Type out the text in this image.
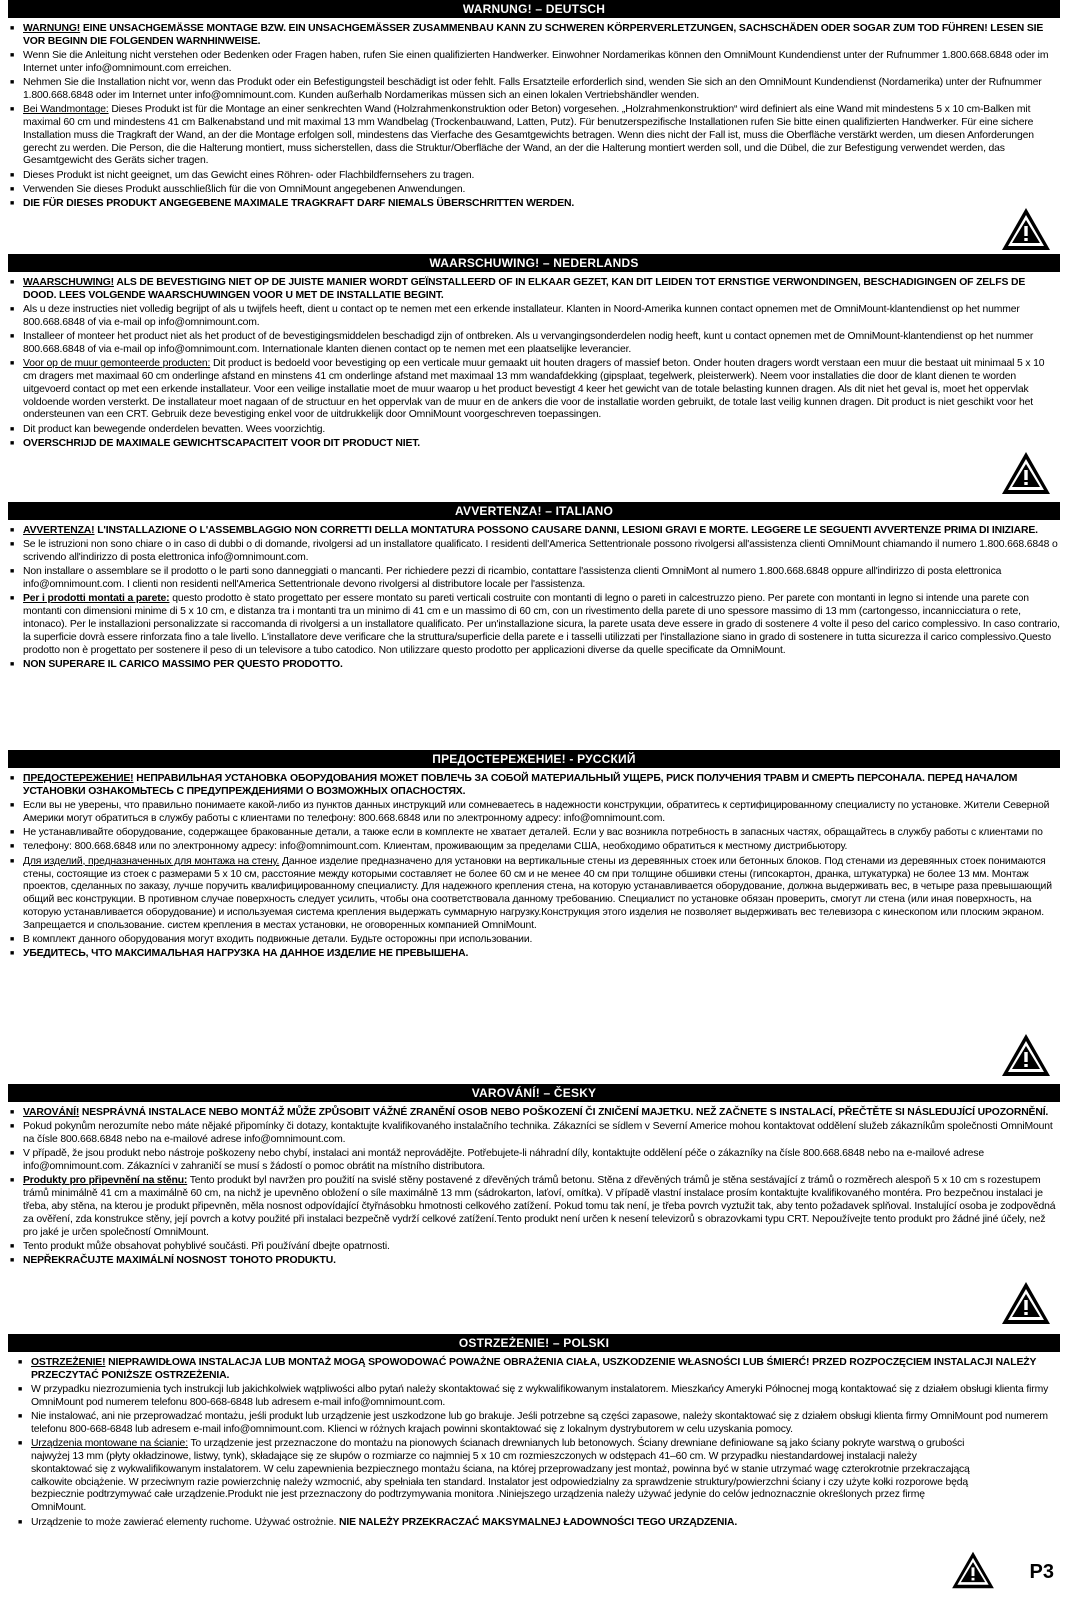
WARNUNG! – DEUTSCH
■ WARNUNG! EINE UNSACHGEMÄSSE MONTAGE BZW. EIN UNSACHGEMÄSSER ZUSAMMENBAU KANN ZU SCHWEREN KÖRPERVERLETZUNGEN, SACHSCHÄDEN ODER SOGAR ZUM TOD FÜHREN! LESEN SIE VOR BEGINN DIE FOLGENDEN WARNHINWEISE.
■ Wenn Sie die Anleitung nicht verstehen oder Bedenken oder Fragen haben, rufen Sie einen qualifizierten Handwerker. Einwohner Nordamerikas können den OmniMount Kundendienst unter der Rufnummer 1.800.668.6848 oder im Internet unter info@omnimount.com erreichen.
■ Nehmen Sie die Installation nicht vor, wenn das Produkt oder ein Befestigungsteil beschädigt ist oder fehlt. Falls Ersatzteile erforderlich sind, wenden Sie sich an den OmniMount Kundendienst (Nordamerika) unter der Rufnummer 1.800.668.6848 oder im Internet unter info@omnimount.com. Kunden außerhalb Nordamerikas müssen sich an einen lokalen Vertriebshändler wenden.
■ Bei Wandmontage: Dieses Produkt ist für die Montage an einer senkrechten Wand (Holzrahmenkonstruktion oder Beton) vorgesehen. „Holzrahmenkonstruktion“ wird definiert als eine Wand mit mindestens 5 x 10 cm-Balken mit maximal 60 cm und mindestens 41 cm Balkenabstand und mit maximal 13 mm Wandbelag (Trockenbauwand, Latten, Putz). Für benutzerspezifische Installationen rufen Sie bitte einen qualifizierten Handwerker. Für eine sichere Installation muss die Tragkraft der Wand, an der die Montage erfolgen soll, mindestens das Vierfache des Gesamtgewichts betragen. Wenn dies nicht der Fall ist, muss die Oberfläche verstärkt werden, um diesen Anforderungen gerecht zu werden. Die Person, die die Halterung montiert, muss sicherstellen, dass die Struktur/Oberfläche der Wand, an der die Halterung montiert werden soll, und die Dübel, die zur Befestigung verwendet werden, das Gesamtgewicht des Geräts sicher tragen.
■ Dieses Produkt ist nicht geeignet, um das Gewicht eines Röhren- oder Flachbildfernsehers zu tragen.
■ Verwenden Sie dieses Produkt ausschließlich für die von OmniMount angegebenen Anwendungen.
■ DIE FÜR DIESES PRODUKT ANGEGEBENE MAXIMALE TRAGKRAFT DARF NIEMALS ÜBERSCHRITTEN WERDEN.
WAARSCHUWING! – NEDERLANDS
■ WAARSCHUWING! ALS DE BEVESTIGING NIET OP DE JUISTE MANIER WORDT GEÏNSTALLEERD OF IN ELKAAR GEZET, KAN DIT LEIDEN TOT ERNSTIGE VERWONDINGEN, BESCHADIGINGEN OF ZELFS DE DOOD. LEES VOLGENDE WAARSCHUWINGEN VOOR U MET DE INSTALLATIE BEGINT.
■ Als u deze instructies niet volledig begrijpt of als u twijfels heeft, dient u contact op te nemen met een erkende installateur. Klanten in Noord-Amerika kunnen contact opnemen met de OmniMount-klantendienst op het nummer 800.668.6848 of via e-mail op info@omnimount.com.
■ Installeer of monteer het product niet als het product of de bevestigingsmiddelen beschadigd zijn of ontbreken. Als u vervangingsonderdelen nodig heeft, kunt u contact opnemen met de OmniMount-klantendienst op het nummer 800.668.6848 of via e-mail op info@omnimount.com. Internationale klanten dienen contact op te nemen met een plaatselijke leverancier.
■ Voor op de muur gemonteerde producten: Dit product is bedoeld voor bevestiging op een verticale muur gemaakt uit houten dragers of massief beton. Onder houten dragers wordt verstaan een muur die bestaat uit minimaal 5 x 10 cm dragers met maximaal 60 cm onderlinge afstand en minstens 41 cm onderlinge afstand met maximaal 13 mm wandafdekking (gipsplaat, tegelwerk, pleisterwerk). Neem voor installaties die door de klant dienen te worden uitgevoerd contact op met een erkende installateur. Voor een veilige installatie moet de muur waarop u het product bevestigt 4 keer het gewicht van de totale belasting kunnen dragen. Als dit niet het geval is, moet het oppervlak voldoende worden versterkt. De installateur moet nagaan of de structuur en het oppervlak van de muur en de ankers die voor de installatie worden gebruikt, de totale last veilig kunnen dragen. Dit product is niet geschikt voor het ondersteunen van een CRT. Gebruik deze bevestiging enkel voor de uitdrukkelijk door OmniMount voorgeschreven toepassingen.
■ Dit product kan bewegende onderdelen bevatten. Wees voorzichtig.
■ OVERSCHRIJD DE MAXIMALE GEWICHTSCAPACITEIT VOOR DIT PRODUCT NIET.
AVVERTENZA! – ITALIANO
■ AVVERTENZA! L'INSTALLAZIONE O L'ASSEMBLAGGIO NON CORRETTI DELLA MONTATURA POSSONO CAUSARE DANNI, LESIONI GRAVI E MORTE. LEGGERE LE SEGUENTI AVVERTENZE PRIMA DI INIZIARE.
■ Se le istruzioni non sono chiare o in caso di dubbi o di domande, rivolgersi ad un installatore qualificato. I residenti dell'America Settentrionale possono rivolgersi all'assistenza clienti OmniMount chiamando il numero 1.800.668.6848 o scrivendo all'indirizzo di posta elettronica info@omnimount.com.
■ Non installare o assemblare se il prodotto o le parti sono danneggiati o mancanti. Per richiedere pezzi di ricambio, contattare l'assistenza clienti OmniMont al numero 1.800.668.6848 oppure all'indirizzo di posta elettronica info@omnimount.com. I clienti non residenti nell'America Settentrionale devono rivolgersi al distributore locale per l'assistenza.
■ Per i prodotti montati a parete: questo prodotto è stato progettato per essere montato su pareti verticali costruite con montanti di legno o pareti in calcestruzzo pieno. Per parete con montanti in legno si intende una parete con montanti con dimensioni minime di 5 x 10 cm, e distanza tra i montanti tra un minimo di 41 cm e un massimo di 60 cm, con un rivestimento della parete di uno spessore massimo di 13 mm (cartongesso, incannicciatura o rete, intonaco). Per le installazioni personalizzate si raccomanda di rivolgersi a un installatore qualificato. Per un'installazione sicura, la parete usata deve essere in grado di sostenere 4 volte il peso del carico complessivo. In caso contrario, la superficie dovrà essere rinforzata fino a tale livello. L'installatore deve verificare che la struttura/superficie della parete e i tasselli utilizzati per l'installazione siano in grado di sostenere in tutta sicurezza il carico complessivo.Questo prodotto non è progettato per sostenere il peso di un televisore a tubo catodico. Non utilizzare questo prodotto per applicazioni diverse da quelle specificate da OmniMount.
■ NON SUPERARE IL CARICO MASSIMO PER QUESTO PRODOTTO.
ПРЕДОСТЕРЕЖЕНИЕ! - РУССКИЙ
■ ПРЕДОСТЕРЕЖЕНИЕ! НЕПРАВИЛЬНАЯ УСТАНОВКА ОБОРУДОВАНИЯ МОЖЕТ ПОВЛЕЧЬ ЗА СОБОЙ МАТЕРИАЛЬНЫЙ УЩЕРБ, РИСК ПОЛУЧЕНИЯ ТРАВМ И СМЕРТЬ ПЕРСОНАЛА. ПЕРЕД НАЧАЛОМ УСТАНОВКИ ОЗНАКОМЬТЕСЬ С ПРЕДУПРЕЖДЕНИЯМИ О ВОЗМОЖНЫХ ОПАСНОСТЯХ.
■ Если вы не уверены, что правильно понимаете какой-либо из пунктов данных инструкций или сомневаетесь в надежности конструкции, обратитесь к сертифицированному специалисту по установке. Жители Северной Америки могут обратиться в службу работы с клиентами по телефону: 800.668.6848 или по электронному адресу: info@omnimount.com.
■ Не устанавливайте оборудование, содержащее бракованные детали, а также если в комплекте не хватает деталей. Если у вас возникла потребность в запасных частях, обращайтесь в службу работы с клиентами по
■ телефону: 800.668.6848 или по электронному адресу: info@omnimount.com. Клиентам, проживающим за пределами США, необходимо обратиться к местному дистрибьютору.
■ Для изделий, предназначенных для монтажа на стену. Данное изделие предназначено для установки на вертикальные стены из деревянных стоек или бетонных блоков. Под стенами из деревянных стоек понимаются стены, состоящие из стоек с размерами 5 x 10 см, расстояние между которыми составляет не более 60 см и не менее 40 см при толщине обшивки стены (гипсокартон, дранка, штукатурка) не более 13 мм. Монтаж проектов, сделанных по заказу, лучше поручить квалифицированному специалисту. Для надежного крепления стена, на которую устанавливается оборудование, должна выдерживать вес, в четыре раза превышающий общий вес конструкции. В противном случае поверхность следует усилить, чтобы она соответствовала данному требованию. Специалист по установке обязан проверить, смогут ли стена (или иная поверхность, на которую устанавливается оборудование) и используемая система крепления выдержать суммарную нагрузку.Конструкция этого изделия не позволяет выдерживать вес телевизора с кинескопом или плоским экраном. Запрещается и спользование. систем крепления в местах установки, не оговоренных компанией OmniMount.
■ В комплект данного оборудования могут входить подвижные детали. Будьте осторожны при использовании.
■ УБЕДИТЕСЬ, ЧТО МАКСИМАЛЬНАЯ НАГРУЗКА НА ДАННОЕ ИЗДЕЛИЕ НЕ ПРЕВЫШЕНА.
VAROVÁNÍ! – ČESKY
■ VAROVÁNÍ! NESPRÁVNÁ INSTALACE NEBO MONTÁŽ MŮŽE ZPŮSOBIT VÁŽNÉ ZRANĚNÍ OSOB NEBO POŠKOZENÍ ČI ZNIČENÍ MAJETKU. NEŽ ZAČNETE S INSTALACÍ, PŘEČTĚTE SI NÁSLEDUJÍCÍ UPOZORNĚNÍ.
■ Pokud pokynům nerozumíte nebo máte nějaké připomínky či dotazy, kontaktujte kvalifikovaného instalačního technika. Zákazníci se sídlem v Severní Americe mohou kontaktovat oddělení služeb zákazníkům společnosti OmniMount na čísle 800.668.6848 nebo na e-mailové adrese info@omnimount.com.
■ V případě, že jsou produkt nebo nástroje poškozeny nebo chybí, instalaci ani montáž neprovádějte. Potřebujete-li náhradní díly, kontaktujte oddělení péče o zákazníky na čísle 800.668.6848 nebo na e-mailové adrese info@omnimount.com. Zákazníci v zahraničí se musí s žádostí o pomoc obrátit na místního distributora.
■ Produkty pro připevnění na stěnu: Tento produkt byl navržen pro použití na svislé stěny postavené z dřevěných trámů betonu. Stěna z dřevěných trámů je stěna sestávající z trámů o rozměrech alespoň 5 x 10 cm s rozestupem trámů minimálně 41 cm a maximálně 60 cm, na nichž je upevněno obložení o síle maximálně 13 mm (sádrokarton, laťoví, omítka). V případě vlastní instalace prosím kontaktujte kvalifikovaného montéra. Pro bezpečnou instalaci je třeba, aby stěna, na kterou je produkt připevněn, měla nosnost odpovídající čtyřnásobku hmotnosti celkového zatížení. Pokud tomu tak není, je třeba povrch vyztužit tak, aby tento požadavek splňoval. Instalující osoba je zodpovědná za ověření, zda konstrukce stěny, její povrch a kotvy použité při instalaci bezpečně vydrží celkové zatížení.Tento produkt není určen k nesení televizorů s obrazovkami typu CRT. Nepoužívejte tento produkt pro žádné jiné účely, než pro jaké je určen společností OmniMount.
■ Tento produkt může obsahovat pohyblivé součásti. Při používání dbejte opatrnosti.
■ NEPŘEKRAČUJTE MAXIMÁLNÍ NOSNOST TOHOTO PRODUKTU.
OSTRZEŻENIE! – POLSKI
■ OSTRZEŻENIE! NIEPRAWIDŁOWA INSTALACJA LUB MONTAŻ MOGĄ SPOWODOWAĆ POWAŻNE OBRAŻENIA CIAŁA, USZKODZENIE WŁASNOŚCI LUB ŚMIERĆ! PRZED ROZPOCZĘCIEM INSTALACJI NALEŻY PRZECZYTAĆ PONIŻSZE OSTRZEŻENIA.
■ W przypadku niezrozumienia tych instrukcji lub jakichkolwiek wątpliwości albo pytań należy skontaktować się z wykwalifikowanym instalatorem. Mieszkańcy Ameryki Północnej mogą kontaktować się z działem obsługi klienta firmy OmniMount pod numerem telefonu 800-668-6848 lub adresem e-mail info@omnimount.com.
■ Nie instalować, ani nie przeprowadzać montażu, jeśli produkt lub urządzenie jest uszkodzone lub go brakuje. Jeśli potrzebne są części zapasowe, należy skontaktować się z działem obsługi klienta firmy OmniMount pod numerem telefonu 800-668-6848 lub adresem e-mail info@omnimount.com. Klienci w różnych krajach powinni skontaktować się z lokalnym dystrybutorem w celu uzyskania pomocy.
■ Urządzenia montowane na ścianie: To urządzenie jest przeznaczone do montażu na pionowych ścianach drewnianych lub betonowych. Ściany drewniane definiowane są jako ściany pokryte warstwą o grubości najwyżej 13 mm (płyty okładzinowe, listwy, tynk), składające się ze słupów o rozmiarze co najmniej 5 x 10 cm rozmieszczonych w odstępach 41–60 cm. W przypadku niestandardowej instalacji należy skontaktować się z wykwalifikowanym instalatorem. W celu zapewnienia bezpiecznego montażu ściana, na której przeprowadzany jest montaż, powinna być w stanie utrzymać wagę czterokrotnie przekraczającą całkowite obciążenie. W przeciwnym razie powierzchnię należy wzmocnić, aby spełniała ten standard. Instalator jest odpowiedzialny za sprawdzenie struktury/powierzchni ściany i czy użyte kołki rozporowe będą bezpiecznie podtrzymywać całe urządzenie.Produkt nie jest przeznaczony do podtrzymywania monitora .Niniejszego urządzenia należy używać jedynie do celów jednoznacznie określonych przez firmę OmniMount.
■ Urządzenie to może zawierać elementy ruchome. Używać ostrożnie. NIE NALEŻY PRZEKRACZAĆ MAKSYMALNEJ ŁADOWNOŚCI TEGO URZĄDZENIA.
P3
